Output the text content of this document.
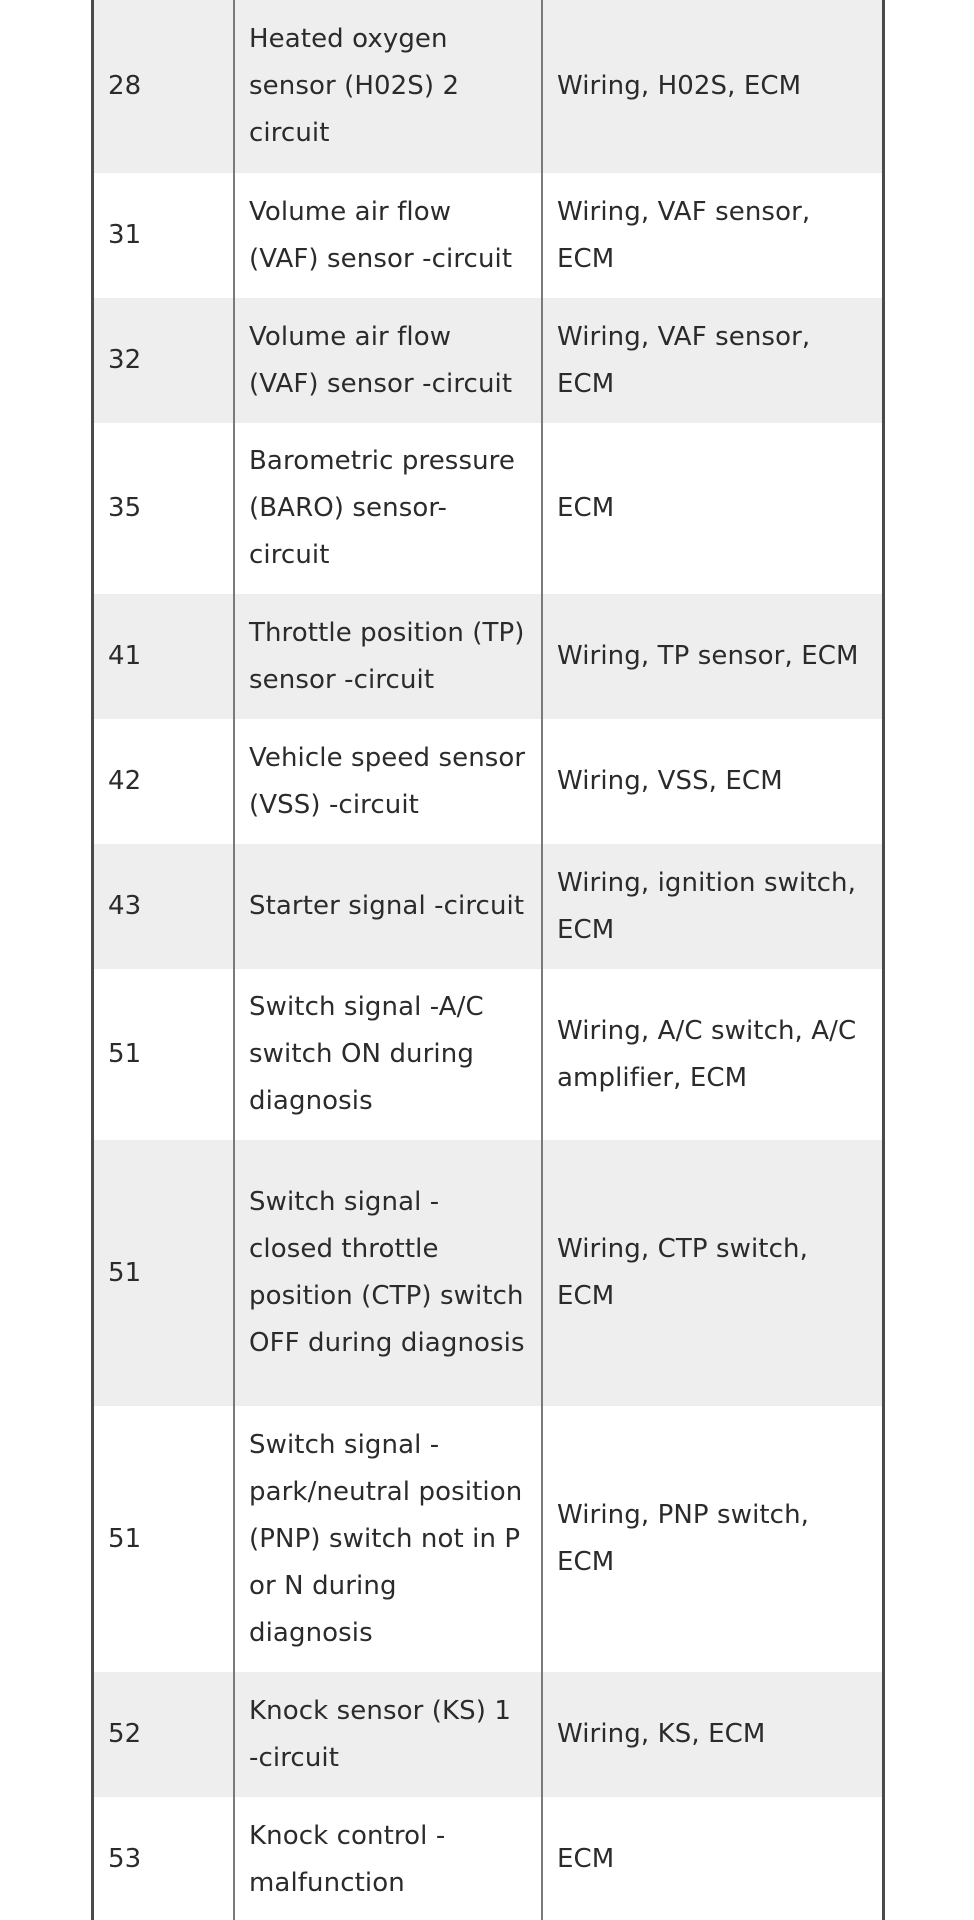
28	Heated oxygen sensor (H02S) 2 circuit	Wiring, H02S, ECM
31	Volume air flow (VAF) sensor -circuit	Wiring, VAF sensor, ECM
32	Volume air flow (VAF) sensor -circuit	Wiring, VAF sensor, ECM
35	Barometric pressure (BARO) sensor-circuit	ECM
41	Throttle position (TP) sensor -circuit	Wiring, TP sensor, ECM
42	Vehicle speed sensor (VSS) -circuit	Wiring, VSS, ECM
43	Starter signal -circuit	Wiring, ignition switch, ECM
51	Switch signal -A/C switch ON during diagnosis	Wiring, A/C switch, A/C amplifier, ECM
51	Switch signal - closed throttle position (CTP) switch OFF during diagnosis	Wiring, CTP switch, ECM
51	Switch signal - park/neutral position (PNP) switch not in P or N during diagnosis	Wiring, PNP switch, ECM
52	Knock sensor (KS) 1 -circuit	Wiring, KS, ECM
53	Knock control -malfunction	ECM
